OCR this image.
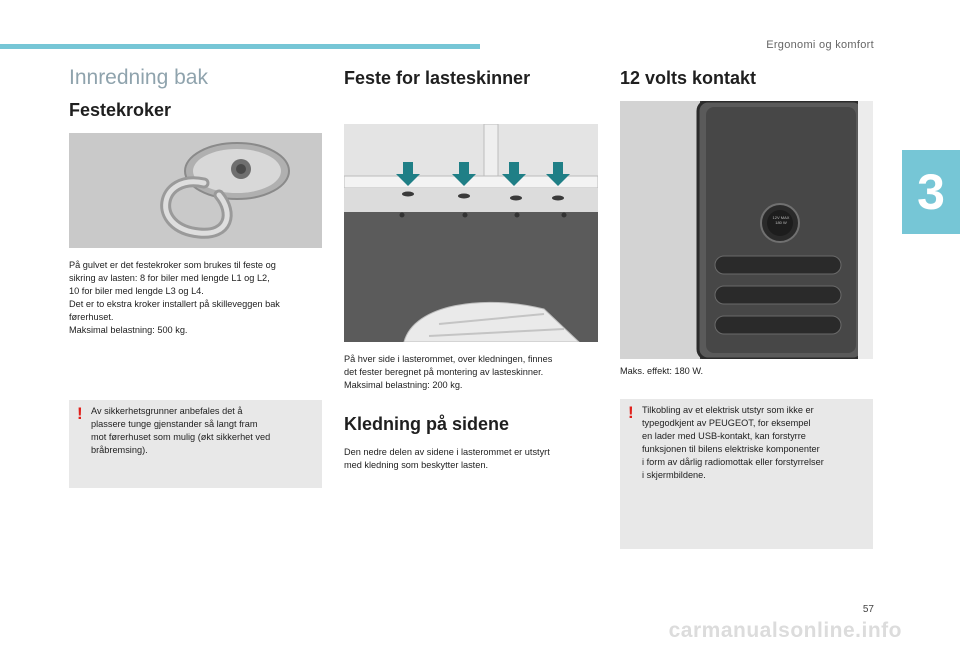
Ergonomi og komfort
3
Innredning bak
Festekroker
På gulvet er det festekroker som brukes til feste og
sikring av lasten: 8 for biler med lengde L1 og L2,
10 for biler med lengde L3 og L4.
Det er to ekstra kroker installert på skilleveggen bak
førerhuset.
Maksimal belastning: 500 kg.
! Av sikkerhetsgrunner anbefales det å
plassere tunge gjenstander så langt fram
mot førerhuset som mulig (økt sikkerhet ved
bråbremsing).
Feste for lasteskinner
På hver side i lasterommet, over kledningen, finnes
det fester beregnet på montering av lasteskinner.
Maksimal belastning: 200 kg.
Kledning på sidene
Den nedre delen av sidene i lasterommet er utstyrt
med kledning som beskytter lasten.
12 volts kontakt
12V MAX
180 W
Maks. effekt: 180 W.
! Tilkobling av et elektrisk utstyr som ikke er
typegodkjent av PEUGEOT, for eksempel
en lader med USB-kontakt, kan forstyrre
funksjonen til bilens elektriske komponenter
i form av dårlig radiomottak eller forstyrrelser
i skjermbildene.
57
carmanualsonline.info
